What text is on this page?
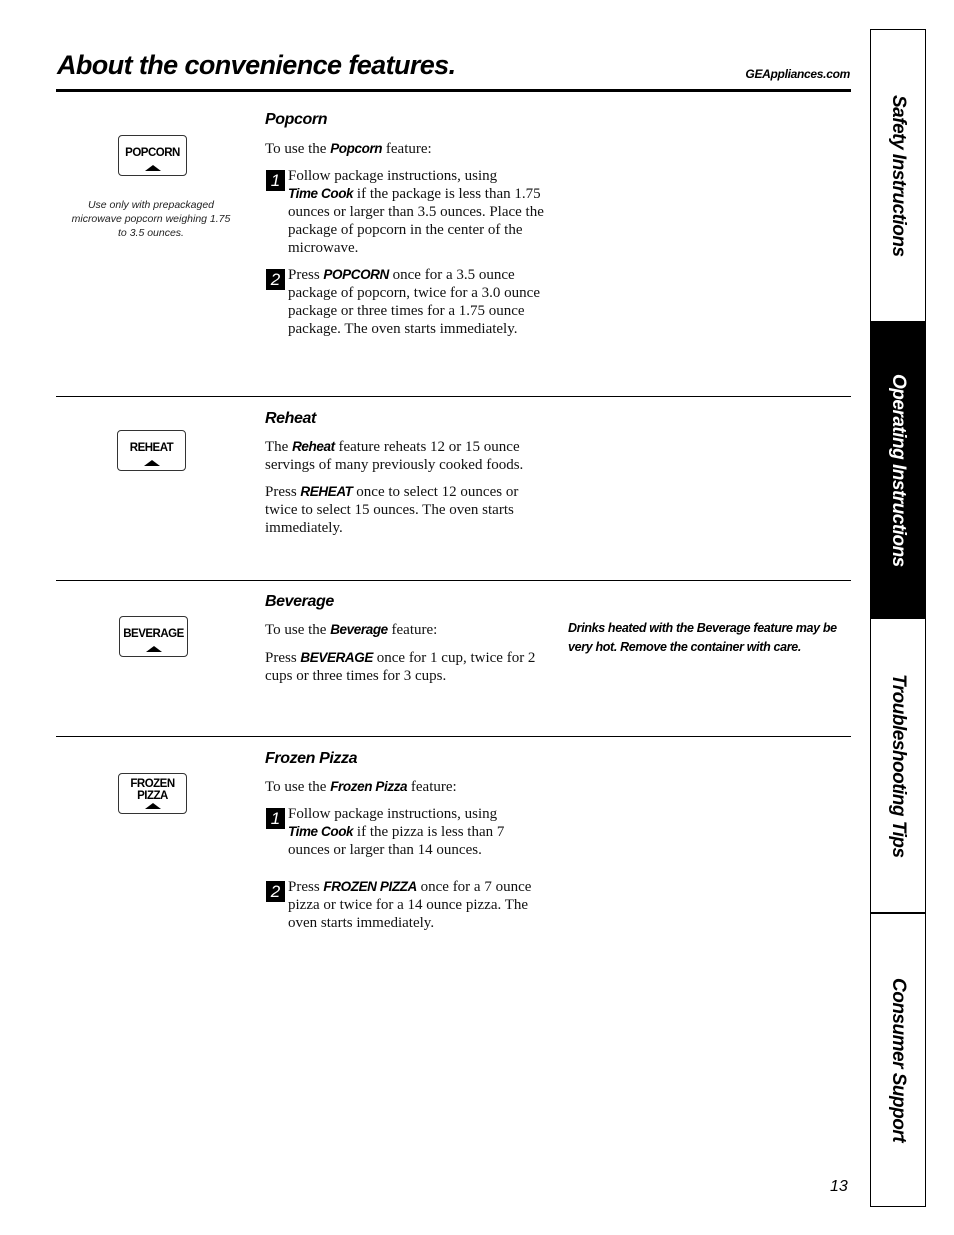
About the convenience features.	GEAppliances.com
POPCORN
Use only with prepackaged microwave popcorn weighing 1.75 to 3.5 ounces.
Popcorn

To use the Popcorn feature:

1 Follow package instructions, using
Time Cook if the package is less than 1.75 ounces or larger than 3.5 ounces. Place the package of popcorn in the center of the microwave.

2 Press POPCORN once for a 3.5 ounce package of popcorn, twice for a 3.0 ounce package or three times for a 1.75 ounce package. The oven starts immediately.

REHEAT
Reheat

The Reheat feature reheats 12 or 15 ounce servings of many previously cooked foods.

Press REHEAT once to select 12 ounces or twice to select 15 ounces. The oven starts immediately.

BEVERAGE
Beverage

To use the Beverage feature:

Press BEVERAGE once for 1 cup, twice for 2 cups or three times for 3 cups.

Drinks heated with the Beverage feature may be very hot. Remove the container with care.

FROZEN
PIZZA
Frozen Pizza

To use the Frozen Pizza feature:

1 Follow package instructions, using
Time Cook if the pizza is less than 7 ounces or larger than 14 ounces.

2 Press FROZEN PIZZA once for a 7 ounce pizza or twice for a 14 ounce pizza. The oven starts immediately.

Safety Instructions
Operating Instructions
Troubleshooting Tips
Consumer Support
13
